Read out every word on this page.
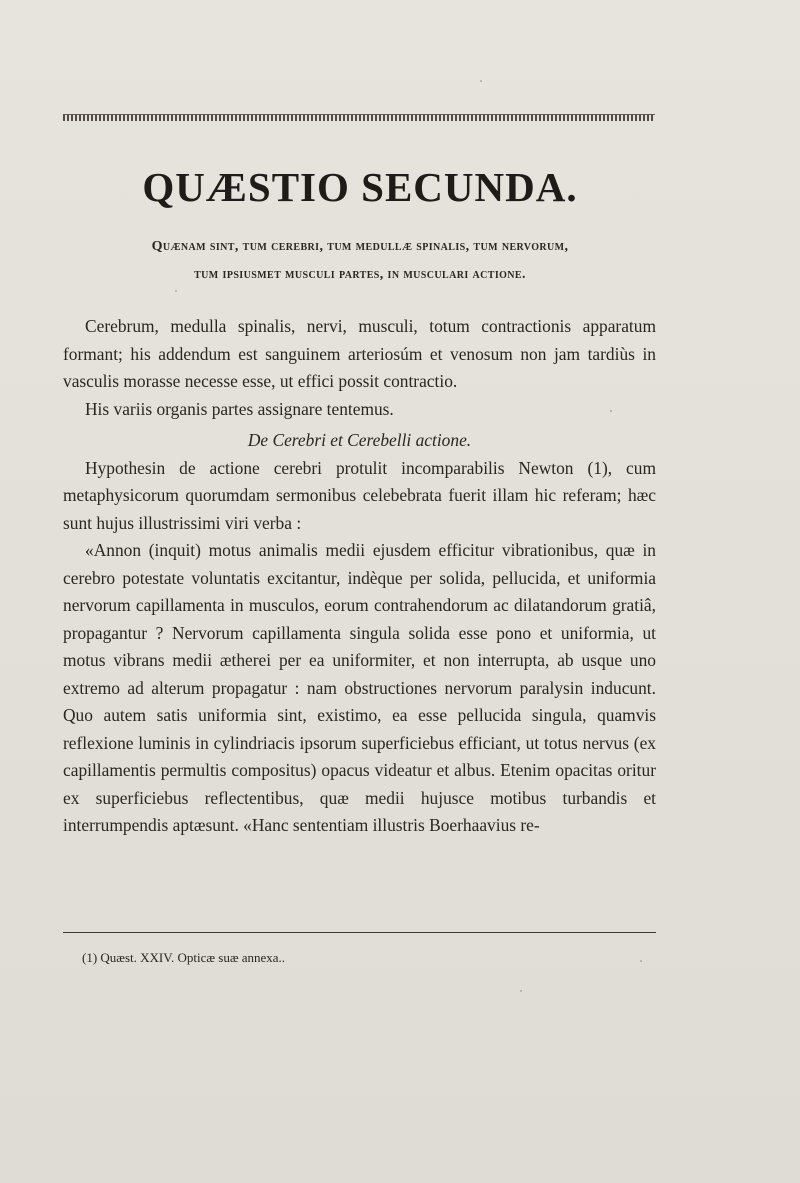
QUÆSTIO SECUNDA.
Quænam sint, tum cerebri, tum medullæ spinalis, tum nervorum,
tum ipsiusmet musculi partes, in musculari actione.

Cerebrum, medulla spinalis, nervi, musculi, totum contractionis apparatum formant; his addendum est sanguinem arteriosúm et venosum non jam tardiùs in vasculis morasse necesse esse, ut effici possit contractio.

His variis organis partes assignare tentemus.

De Cerebri et Cerebelli actione.

Hypothesin de actione cerebri protulit incomparabilis Newton (1), cum metaphysicorum quorumdam sermonibus celebebrata fuerit illam hic referam; hæc sunt hujus illustrissimi viri verba :

«Annon (inquit) motus animalis medii ejusdem efficitur vibrationibus, quæ in cerebro potestate voluntatis excitantur, indèque per solida, pellucida, et uniformia nervorum capillamenta in musculos, eorum contrahendorum ac dilatandorum gratiâ, propagantur ? Nervorum capillamenta singula solida esse pono et uniformia, ut motus vibrans medii ætherei per ea uniformiter, et non interrupta, ab usque uno extremo ad alterum propagatur : nam obstructiones nervorum paralysin inducunt. Quo autem satis uniformia sint, existimo, ea esse pellucida singula, quamvis reflexione luminis in cylindriacis ipsorum superficiebus efficiant, ut totus nervus (ex capillamentis permultis compositus) opacus videatur et albus. Etenim opacitas oritur ex superficiebus reflectentibus, quæ medii hujusce motibus turbandis et interrumpendis aptæsunt. «Hanc sententiam illustris Boerhaavius re-

(1) Quæst. XXIV. Opticæ suæ annexa..
